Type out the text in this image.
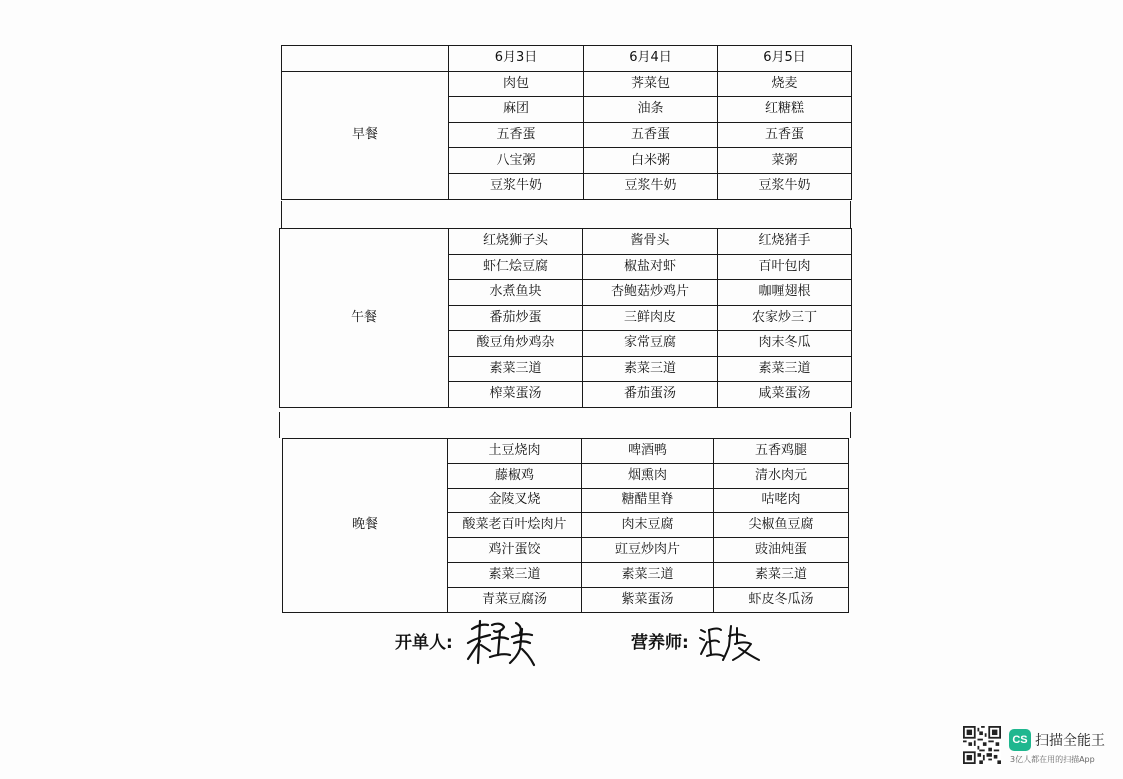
	6月3日	6月4日	6月5日
早餐	肉包	荠菜包	烧麦
	麻团	油条	红糖糕
	五香蛋	五香蛋	五香蛋
	八宝粥	白米粥	菜粥
	豆浆牛奶	豆浆牛奶	豆浆牛奶
午餐	红烧狮子头	酱骨头	红烧猪手
	虾仁烩豆腐	椒盐对虾	百叶包肉
	水煮鱼块	杏鲍菇炒鸡片	咖喱翅根
	番茄炒蛋	三鲜肉皮	农家炒三丁
	酸豆角炒鸡杂	家常豆腐	肉末冬瓜
	素菜三道	素菜三道	素菜三道
	榨菜蛋汤	番茄蛋汤	咸菜蛋汤
晚餐	土豆烧肉	啤酒鸭	五香鸡腿
	藤椒鸡	烟熏肉	清水肉元
	金陵叉烧	糖醋里脊	咕咾肉
	酸菜老百叶烩肉片	肉末豆腐	尖椒鱼豆腐
	鸡汁蛋饺	豇豆炒肉片	豉油炖蛋
	素菜三道	素菜三道	素菜三道
	青菜豆腐汤	紫菜蛋汤	虾皮冬瓜汤
开单人:	营养师:
CS 扫描全能王
3亿人都在用的扫描App
